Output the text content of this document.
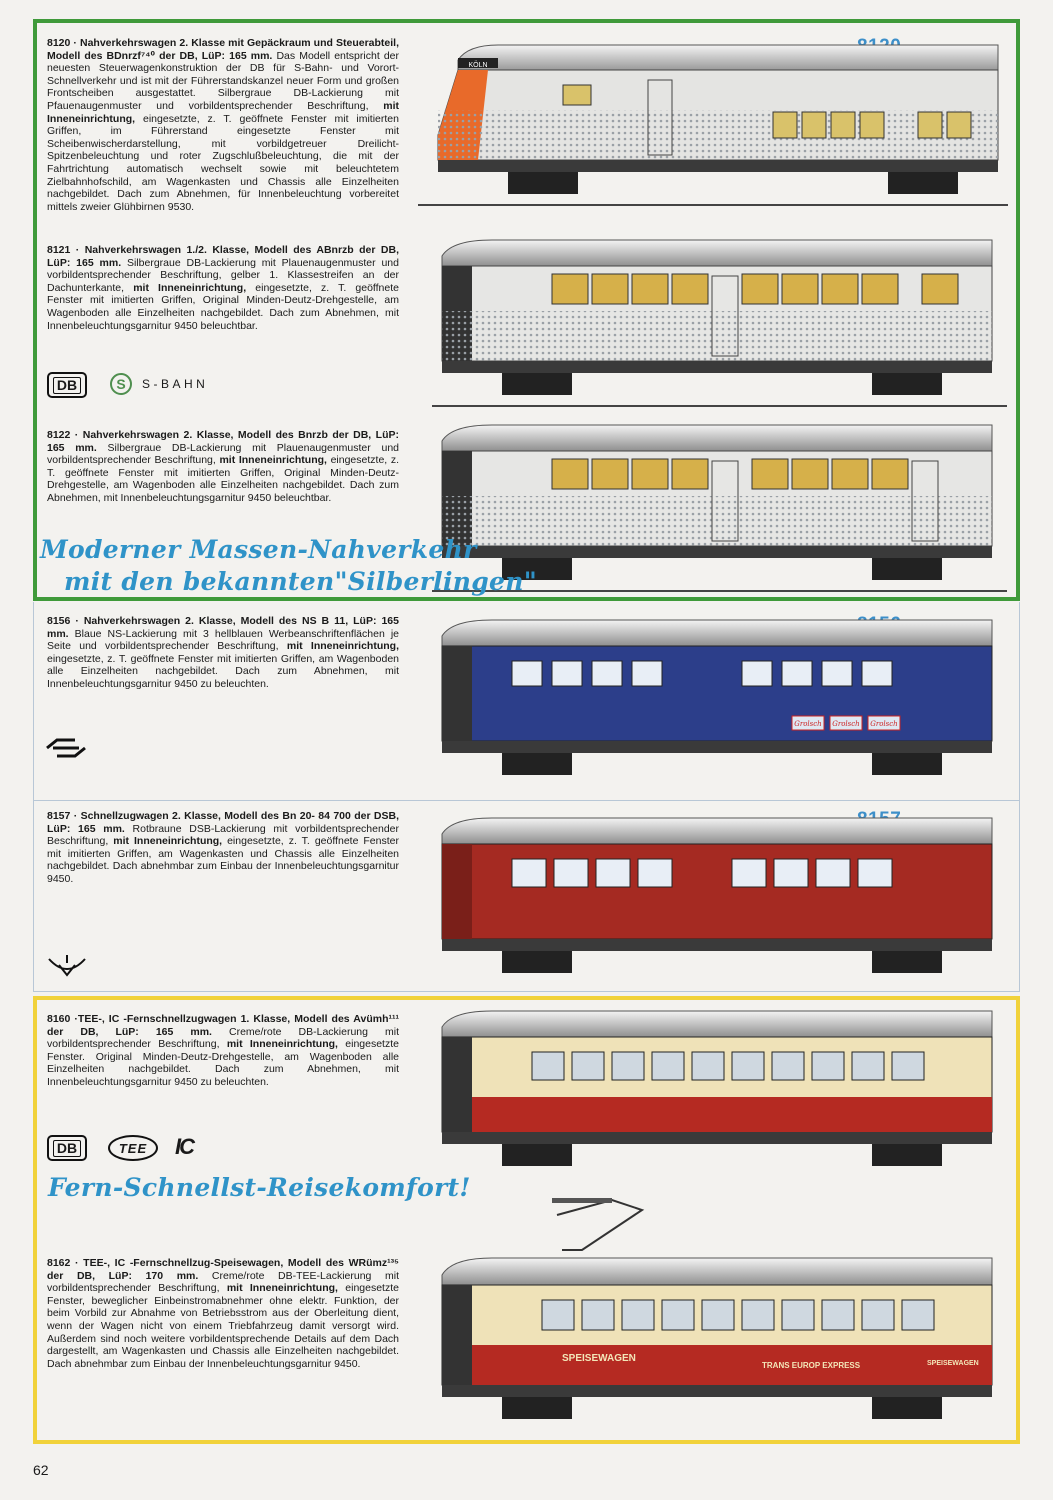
8120 · Nahverkehrswagen 2. Klasse mit Gepäckraum und Steuerabteil, Modell des BDnrzf⁷⁴⁰ der DB, LüP: 165 mm. Das Modell entspricht der neuesten Steuerwagenkonstruktion der DB für S-Bahn- und Vorort-Schnellverkehr und ist mit der Führerstandskanzel neuer Form und großen Frontscheiben ausgestattet. Silbergraue DB-Lackierung mit Pfauenaugenmuster und vorbildentsprechender Beschriftung, mit Inneneinrichtung, eingesetzte, z. T. geöffnete Fenster mit imitierten Griffen, im Führerstand eingesetzte Fenster mit Scheibenwischerdarstellung, mit vorbildgetreuer Dreilicht-Spitzenbeleuchtung und roter Zugschlußbeleuchtung, die mit der Fahrtrichtung automatisch wechselt sowie mit beleuchtetem Zielbahnhofschild, am Wagenkasten und Chassis alle Einzelheiten nachgebildet. Dach zum Abnehmen, für Innenbeleuchtung vorbereitet mittels zweier Glühbirnen 9530.
KÖLN
8121 · Nahverkehrswagen 1./2. Klasse, Modell des ABnrzb der DB, LüP: 165 mm. Silbergraue DB-Lackierung mit Plauenaugenmuster und vorbildentsprechender Beschriftung, gelber 1. Klassestreifen an der Dachunterkante, mit Inneneinrichtung, eingesetzte, z. T. geöffnete Fenster mit imitierten Griffen, Original Minden-Deutz-Drehgestelle, am Wagenboden alle Einzelheiten nachgebildet. Dach zum Abnehmen, mit Innenbeleuchtungsgarnitur 9450 beleuchtbar.
DB	S	S-BAHN
8122 · Nahverkehrswagen 2. Klasse, Modell des Bnrzb der DB, LüP: 165 mm. Silbergraue DB-Lackierung mit Plauenaugenmuster und vorbildentsprechender Beschriftung, mit Inneneinrichtung, eingesetzte, z. T. geöffnete Fenster mit imitierten Griffen, Original Minden-Deutz-Drehgestelle, am Wagenboden alle Einzelheiten nachgebildet. Dach zum Abnehmen, mit Innenbeleuchtungsgarnitur 9450 beleuchtbar.
Moderner Massen-Nahverkehr
mit den bekannten"Silberlingen"
8156 · Nahverkehrswagen 2. Klasse, Modell des NS B 11, LüP: 165 mm. Blaue NS-Lackierung mit 3 hellblauen Werbeanschriftenflächen je Seite und vorbildentsprechender Beschriftung, mit Inneneinrichtung, eingesetzte, z. T. geöffnete Fenster mit imitierten Griffen, am Wagenboden alle Einzelheiten nachgebildet. Dach zum Abnehmen, mit Innenbeleuchtungsgarnitur 9450 zu beleuchten.
Grolsch Grolsch Grolsch
8157 · Schnellzugwagen 2. Klasse, Modell des Bn 20- 84 700 der DSB, LüP: 165 mm. Rotbraune DSB-Lackierung mit vorbildentsprechender Beschriftung, mit Inneneinrichtung, eingesetzte, z. T. geöffnete Fenster mit imitierten Griffen, am Wagenkasten und Chassis alle Einzelheiten nachgebildet. Dach abnehmbar zum Einbau der Innenbeleuchtungsgarnitur 9450.
8160 ·TEE-, IC -Fernschnellzugwagen 1. Klasse, Modell des Avümh¹¹¹ der DB, LüP: 165 mm. Creme/rote DB-Lackierung mit vorbildentsprechender Beschriftung, mit Inneneinrichtung, eingesetzte Fenster. Original Minden-Deutz-Drehgestelle, am Wagenboden alle Einzelheiten nachgebildet. Dach zum Abnehmen, mit Innenbeleuchtungsgarnitur 9450 zu beleuchten.
DB	TEE	IC
Fern-Schnellst-Reisekomfort!
8162 · TEE-, IC -Fernschnellzug-Speisewagen, Modell des WRümz¹³⁵ der DB, LüP: 170 mm. Creme/rote DB-TEE-Lackierung mit vorbildentsprechender Beschriftung, mit Inneneinrichtung, eingesetzte Fenster, beweglicher Einbeinstromabnehmer ohne elektr. Funktion, der beim Vorbild zur Abnahme von Betriebsstrom aus der Oberleitung dient, wenn der Wagen nicht von einem Triebfahrzeug damit versorgt wird. Außerdem sind noch weitere vorbildentsprechende Details auf dem Dach dargestellt, am Wagenkasten und Chassis alle Einzelheiten nachgebildet. Dach abnehmbar zum Einbau der Innenbeleuchtungsgarnitur 9450.	SPEISEWAGEN
TRANS EUROP EXPRESS	SPEISEWAGEN
62
